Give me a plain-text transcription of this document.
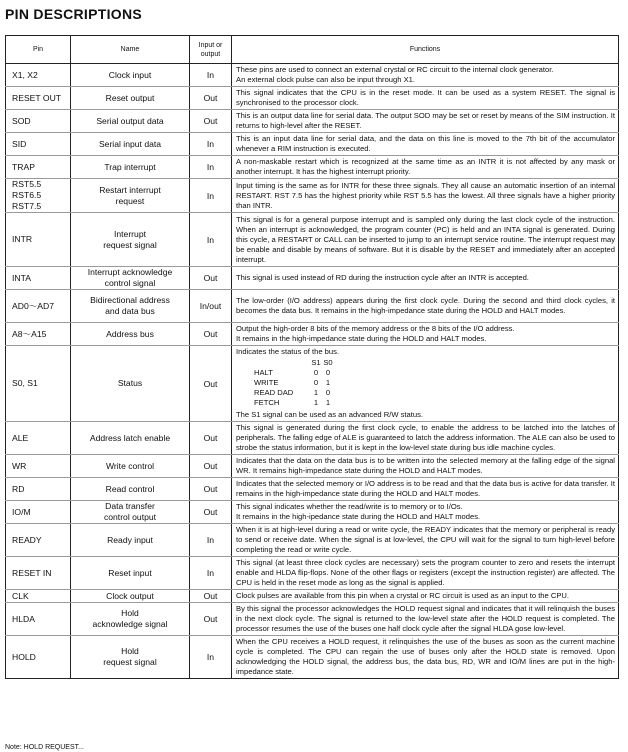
PIN DESCRIPTIONS
Pin	Name	Input or
output	Functions
X1, X2	Clock input	In	These pins are used to connect an external crystal or RC circuit to the internal clock generator.
An external clock pulse can also be input through X1.
RESET OUT	Reset output	Out	This signal indicates that the CPU is in the reset mode. It can be used as a system RESET. The signal is synchronised to the processor clock.
SOD	Serial output data	Out	This is an output data line for serial data. The output SOD may be set or reset by means of the SIM instruction. It returns to high-level after the RESET.
SID	Serial input data	In	This is an input data line for serial data, and the data on this line is moved to the 7th bit of the accumulator whenever a RIM instruction is executed.
TRAP	Trap interrupt	In	A non-maskable restart which is recognized at the same time as an INTR it is not affected by any mask or another interrupt. It has the highest interrupt priority.
RST5.5
RST6.5
RST7.5	Restart interrupt
request	In	Input timing is the same as for INTR for these three signals. They all cause an automatic insertion of an internal RESTART. RST 7.5 has the highest priority while RST 5.5 has the lowest. All three signals have a higher priority than INTR.
INTR	Interrupt
request signal	In	This signal is for a general purpose interrupt and is sampled only during the last clock cycle of the instruction. When an interrupt is acknowledged, the program counter (PC) is held and an INTA signal is generated. During this cycle, a RESTART or CALL can be inserted to jump to an interrupt service routine. The interrupt request may be enable and disable by means of software. But it is disable by the RESET and immediately after an accepted interrupt.
INTA	Interrupt acknowledge
control signal	Out	This signal is used instead of RD during the instruction cycle after an INTR is accepted.
AD0～AD7	Bidirectional address
and data bus	In/out	The low-order (I/O address) appears during the first clock cycle. During the second and third clock cycles, it becomes the data bus. It remains in the high-impedance state during the HOLD and HALT modes.
A8～A15	Address bus	Out	Output the high-order 8 bits of the memory address or the 8 bits of the I/O address.
It remains in the high-impedance state during the HOLD and HALT modes.
S0, S1	Status	Out	Indicates the status of the bus.
	S1	S0
HALT	0	0
WRITE	0	1
READ DAD	1	0
FETCH	1	1
The S1 signal can be used as an advanced R/W status.
ALE	Address latch enable	Out	This signal is generated during the first clock cycle, to enable the address to be latched into the latches of peripherals. The falling edge of ALE is guaranteed to latch the address information. The ALE can also be used to strobe the status information, but it is kept in the low-level state during bus idle machine cycles.
WR	Write control	Out	Indicates that the data on the data bus is to be written into the selected memory at the falling edge of the signal WR. It remains high-impedance state during the HOLD and HALT modes.
RD	Read control	Out	Indicates that the selected memory or I/O address is to be read and that the data bus is active for data transfer. It remains in the high-impedance state during the HOLD and HALT modes.
IO/M	Data transfer
control output	Out	This signal indicates whether the read/write is to memory or to I/Os.
It remains in the high-ipedance state during the HOLD and HALT modes.
READY	Ready input	In	When it is at high-level during a read or write cycle, the READY indicates that the memory or peripheral is ready to send or receive date. When the signal is at low-level, the CPU will wait for the signal to turn high-level before completing the read or write cycle.
RESET IN	Reset input	In	This signal (at least three clock cycles are necessary) sets the program counter to zero and resets the interrupt enable and HLDA flip-flops. None of the other flags or registers (except the instruction register) are affected. The CPU is held in the reset mode as long as the signal is applied.
CLK	Clock output	Out	Clock pulses are available from this pin when a crystal or RC circuit is used as an input to the CPU.
HLDA	Hold
acknowledge signal	Out	By this signal the processor acknowledges the HOLD request signal and indicates that it will relinquish the buses in the next clock cycle. The signal is returned to the low-level state after the HOLD request is completed. The processor resumes the use of the buses one half clock cycle after the signal HLDA gose low-level.
HOLD	Hold
request signal	In	When the CPU receives a HOLD request, it relinquishes the use of the buses as soon as the current machine cycle is completed. The CPU can regain the use of buses only after the HOLD state is removed. Upon acknowledging the HOLD signal, the address bus, the data bus, RD, WR and IO/M lines are put in the high-impedance state.
Note: HOLD REQUEST...
